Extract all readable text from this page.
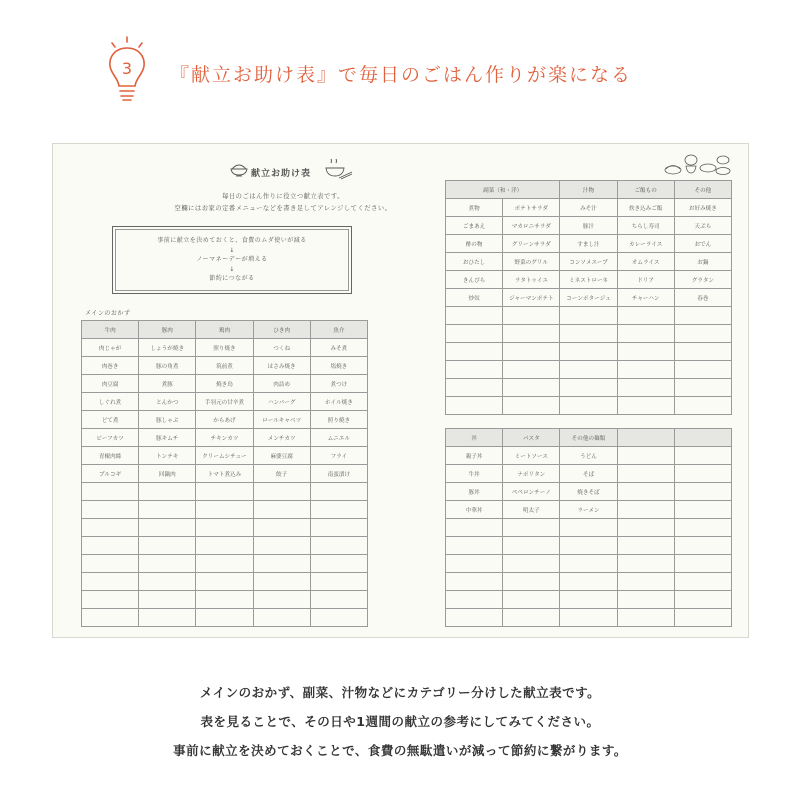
3 『献立お助け表』で毎日のごはん作りが楽になる
献立お助け表
毎日のごはん作りに役立つ献立表です。
空欄にはお家の定番メニューなどを書き足してアレンジしてください。
事前に献立を決めておくと、食費のムダ使いが減る
↓
ノーマネーデーが増える
↓
節約につながる
メインのおかず
牛肉	豚肉	鶏肉	ひき肉	魚介
肉じゃが	しょうが焼き	照り焼き	つくね	みそ煮
肉巻き	豚の角煮	筑前煮	はさみ焼き	塩焼き
肉豆腐	煮豚	焼き鳥	肉詰め	煮つけ
しぐれ煮	とんかつ	手羽元の甘辛煮	ハンバーグ	ホイル焼き
どて煮	豚しゃぶ	からあげ	ロールキャベツ	照り焼き
ビーフカツ	豚キムチ	チキンカツ	メンチカツ	ムニエル
青椒肉絲	トンテキ	クリームシチュー	麻婆豆腐	フライ
プルコギ	回鍋肉	トマト煮込み	餃子	南蛮漬け

副菜（和・洋）		汁物	ご飯もの	その他
煮物	ポテトサラダ	みそ汁	炊き込みご飯	お好み焼き
ごまあえ	マカロニサラダ	豚汁	ちらし寿司	天ぷら
酢の物	グリーンサラダ	すまし汁	カレーライス	おでん
おひたし	野菜のグリル	コンソメスープ	オムライス	お鍋
きんぴら	ラタトゥイユ	ミネストローネ	ドリア	グラタン
炒奴	ジャーマンポテト	コーンポタージュ	チャーハン	春巻

丼	パスタ	その他の麺類		
親子丼	ミートソース	うどん		
牛丼	ナポリタン	そば		
豚丼	ペペロンチーノ	焼きそば		
中華丼	明太子	ラーメン		

メインのおかず、副菜、汁物などにカテゴリー分けした献立表です。
表を見ることで、その日や1週間の献立の参考にしてみてください。
事前に献立を決めておくことで、食費の無駄遣いが減って節約に繋がります。
